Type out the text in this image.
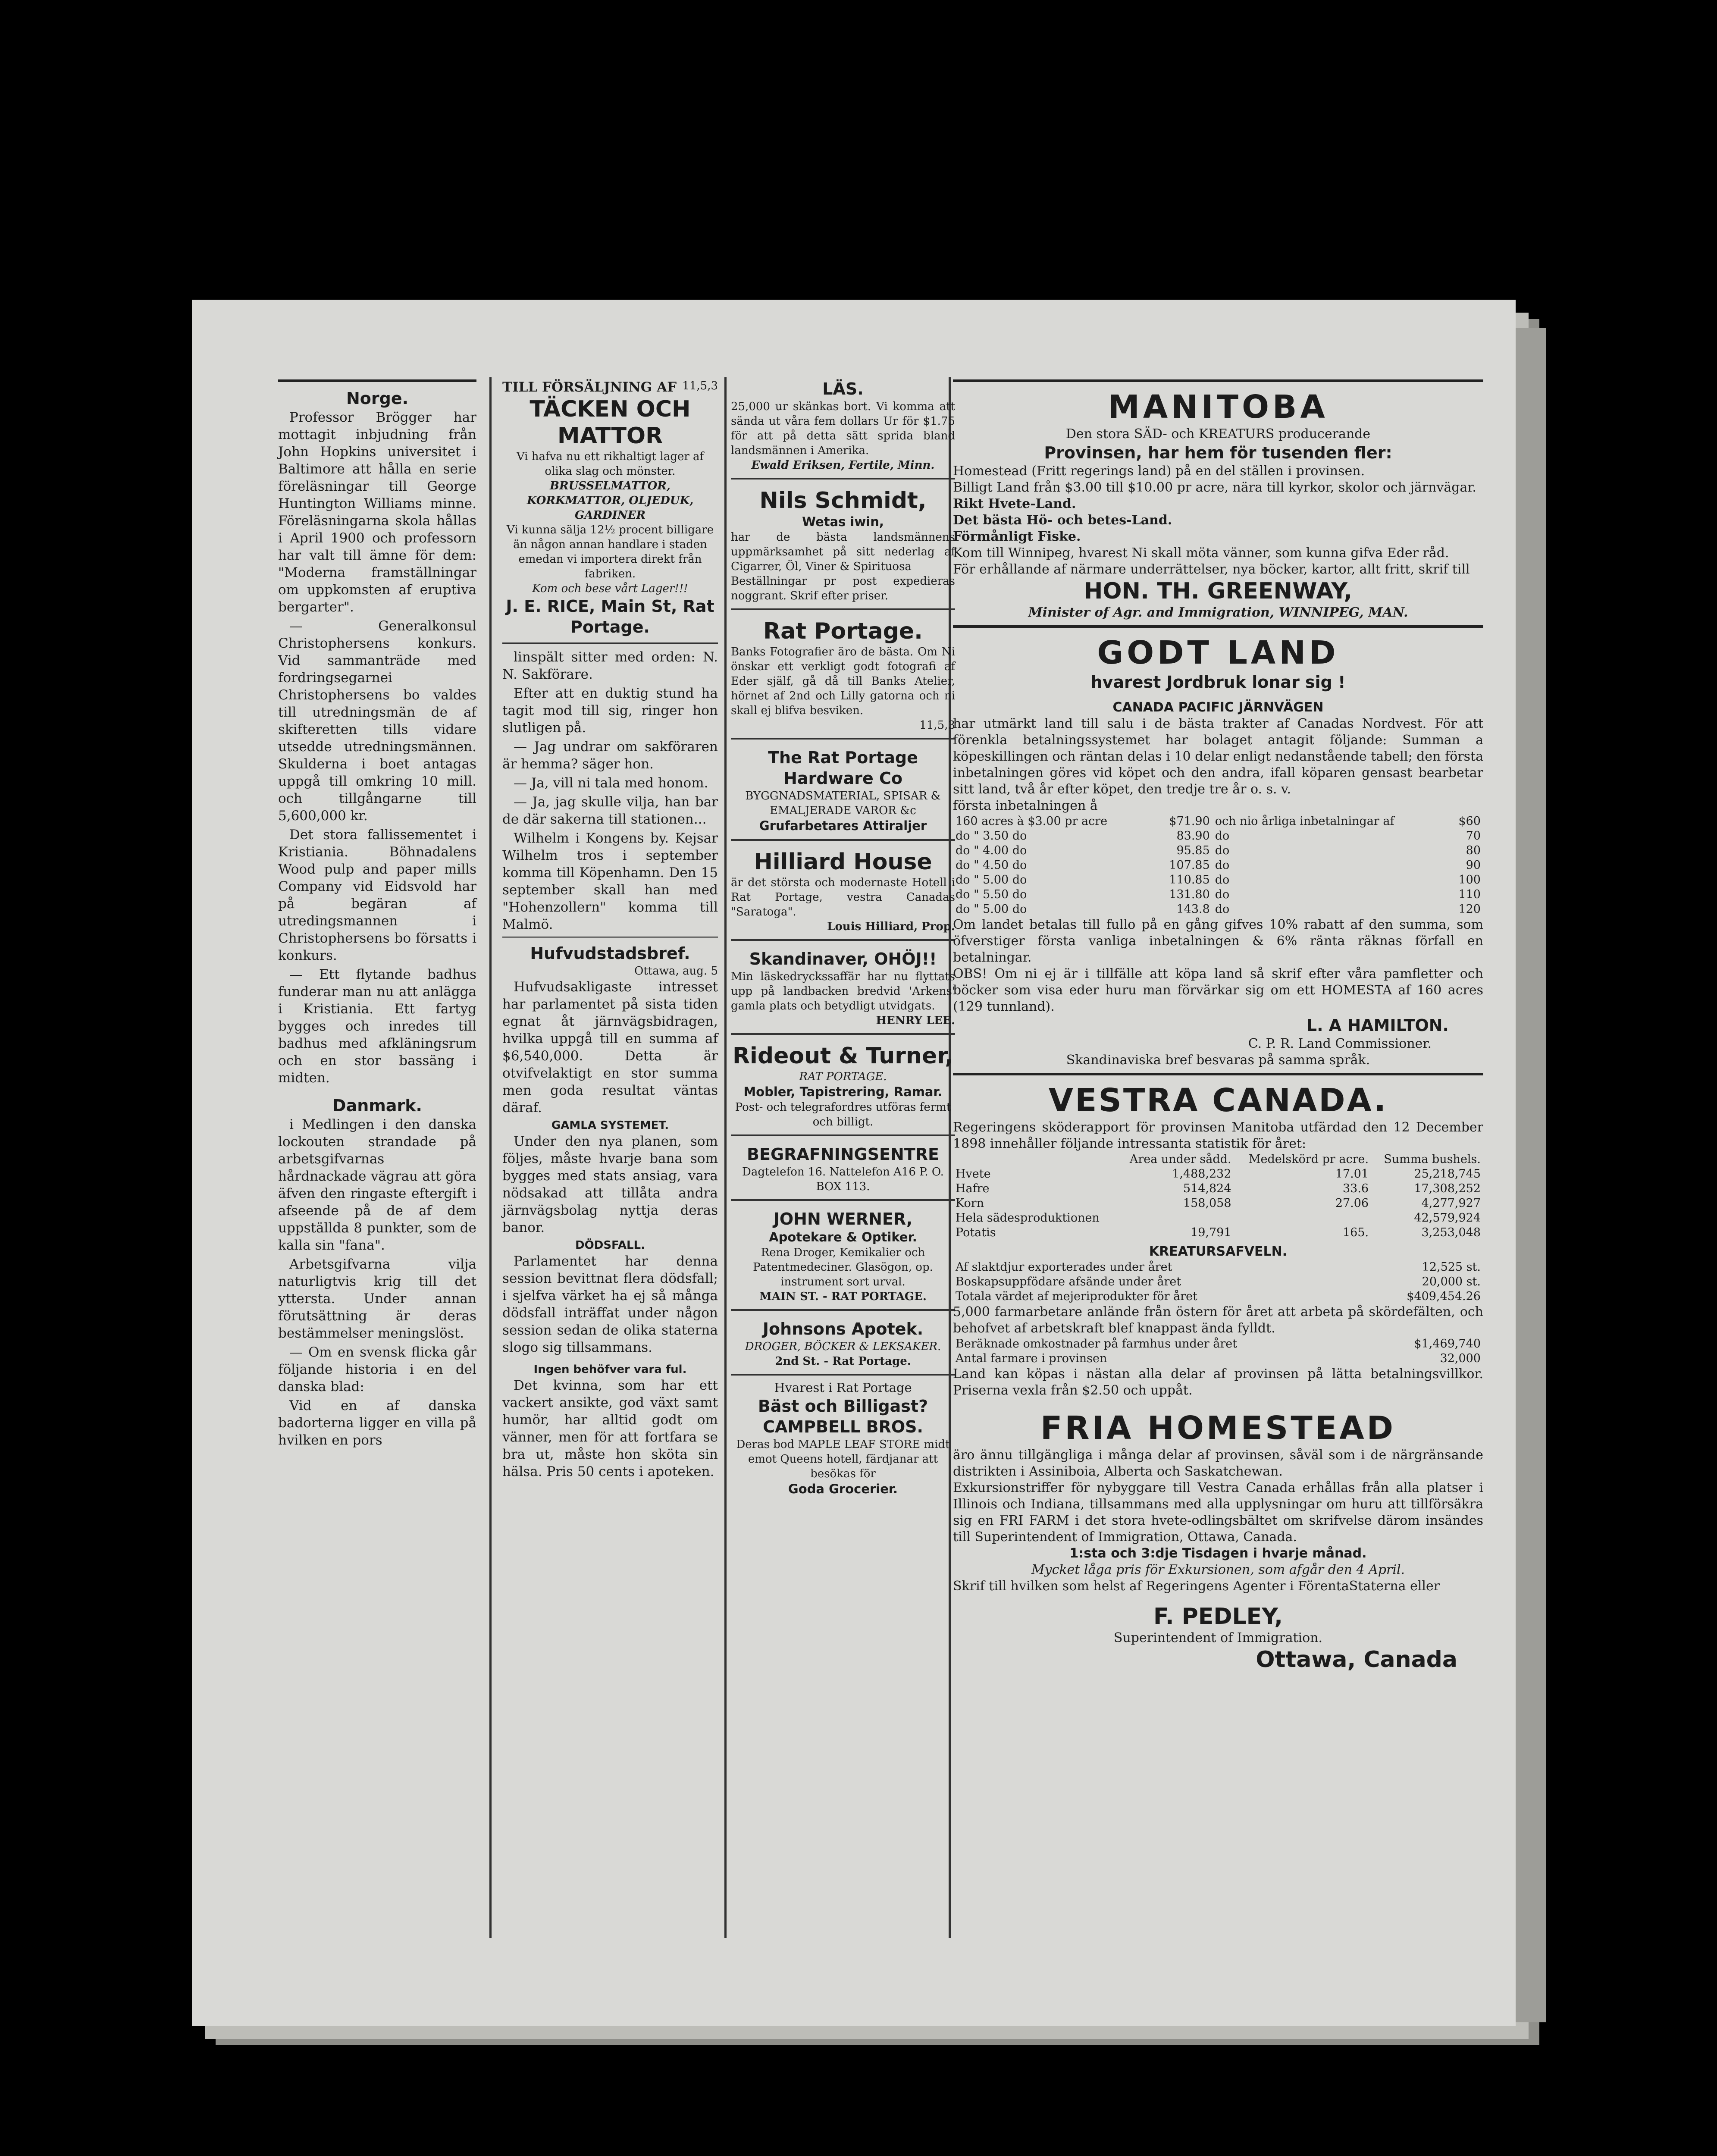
Norge.

Professor Brögger har mottagit inbjudning från John Hopkins universitet i Baltimore att hålla en serie föreläsningar till George Huntington Williams minne. Föreläsningarna skola hållas i April 1900 och professorn har valt till ämne för dem: "Moderna framställningar om uppkomsten af eruptiva bergarter".

— Generalkonsul Christophersens konkurs. Vid sammanträde med fordringsegarnei Christophersens bo valdes till utredningsmän de af skifteretten tills vidare utsedde utredningsmännen. Skulderna i boet antagas uppgå till omkring 10 mill. och tillgångarne till 5,600,000 kr.

Det stora fallissementet i Kristiania. Böhnadalens Wood pulp and paper mills Company vid Eidsvold har på begäran af utredingsmannen i Christophersens bo försatts i konkurs.

— Ett flytande badhus funderar man nu att anlägga i Kristiania. Ett fartyg bygges och inredes till badhus med afkläningsrum och en stor bassäng i midten.

Danmark.

i Medlingen i den danska lockouten strandade på arbetsgifvarnas hårdnackade vägrau att göra äfven den ringaste eftergift i afseende på de af dem uppställda 8 punkter, som de kalla sin "fana".

Arbetsgifvarna vilja naturligtvis krig till det yttersta. Under annan förutsättning är deras bestämmelser meningslöst.

— Om en svensk flicka går följande historia i en del danska blad:

Vid en af danska badorterna ligger en villa på hvilken en pors

TILL FÖRSÄLJNING AF 11,5,3
TÄCKEN OCH MATTOR
Vi hafva nu ett rikhaltigt lager af olika slag och mönster.
BRUSSELMATTOR, KORKMATTOR, OLJEDUK, GARDINER
Vi kunna sälja 12½ procent billigare än någon annan handlare i staden emedan vi importera direkt från fabriken.
Kom och bese vårt Lager!!!
J. E. RICE, Main St, Rat Portage.

linspält sitter med orden: N. N. Sakförare.

Efter att en duktig stund ha tagit mod till sig, ringer hon slutligen på.

— Jag undrar om sakföraren är hemma? säger hon.

— Ja, vill ni tala med honom.

— Ja, jag skulle vilja, han bar de där sakerna till stationen...

Wilhelm i Kongens by. Kejsar Wilhelm tros i september komma till Köpenhamn. Den 15 september skall han med "Hohenzollern" komma till Malmö.

Hufvudstadsbref.
Ottawa, aug. 5

Hufvudsakligaste intresset har parlamentet på sista tiden egnat åt järnvägsbidragen, hvilka uppgå till en summa af $6,540,000. Detta är otvifvelaktigt en stor summa men goda resultat väntas däraf.

GAMLA SYSTEMET.

Under den nya planen, som följes, måste hvarje bana som bygges med stats ansiag, vara nödsakad att tillåta andra järnvägsbolag nyttja deras banor.

DÖDSFALL.

Parlamentet har denna session bevittnat flera dödsfall; i sjelfva värket ha ej så många dödsfall inträffat under någon session sedan de olika staterna slogo sig tillsammans.

Ingen behöfver vara ful.

Det kvinna, som har ett vackert ansikte, god växt samt humör, har alltid godt om vänner, men för att fortfara se bra ut, måste hon sköta sin hälsa. Pris 50 cents i apoteken.

LÄS.
25,000 ur skänkas bort. Vi komma att sända ut våra fem dollars Ur för $1.75 för att på detta sätt sprida bland landsmännen i Amerika.
Ewald Eriksen, Fertile, Minn.
Nils Schmidt,
Wetas iwin,
har de bästa landsmännens uppmärksamhet på sitt nederlag af Cigarrer, Öl, Viner & Spirituosa
Beställningar pr post expedieras noggrant. Skrif efter priser.
Rat Portage.
Banks Fotografier äro de bästa. Om Ni önskar ett verkligt godt fotografi af Eder själf, gå då till Banks Atelier, hörnet af 2nd och Lilly gatorna och ni skall ej blifva besviken.
11,5,3
The Rat Portage Hardware Co
BYGGNADSMATERIAL, SPISAR & EMALJERADE VAROR &c
Grufarbetares Attiraljer
Hilliard House
är det största och modernaste Hotell i Rat Portage, vestra Canadas "Saratoga".
Louis Hilliard, Prop.
Skandinaver, OHÖJ!!
Min läskedryckssaffär har nu flyttats upp på landbacken bredvid 'Arkens' gamla plats och betydligt utvidgats.
HENRY LEE.
Rideout & Turner,
RAT PORTAGE.
Mobler, Tapistrering, Ramar.
Post- och telegrafordres utföras fermt och billigt.
BEGRAFNINGSENTRE
Dagtelefon 16. Nattelefon A16 P. O. BOX 113.
JOHN WERNER,
Apotekare & Optiker.
Rena Droger, Kemikalier och Patentmedeciner. Glasögon, op. instrument sort urval.
MAIN ST. - RAT PORTAGE.
Johnsons Apotek.
DROGER, BÖCKER & LEKSAKER.
2nd St. - Rat Portage.
Hvarest i Rat Portage
Bäst och Billigast?
CAMPBELL BROS.
Deras bod MAPLE LEAF STORE midt emot Queens hotell, färdjanar att besökas för
Goda Grocerier.
MANITOBA
Den stora SÄD- och KREATURS producerande
Provinsen, har hem för tusenden fler:
Homestead (Fritt regerings land) på en del ställen i provinsen.
Billigt Land från $3.00 till $10.00 pr acre, nära till kyrkor, skolor och järnvägar.
Rikt Hvete-Land.
Det bästa Hö- och betes-Land.
Förmånligt Fiske.
Kom till Winnipeg, hvarest Ni skall möta vänner, som kunna gifva Eder råd.
För erhållande af närmare underrättelser, nya böcker, kartor, allt fritt, skrif till
HON. TH. GREENWAY,
Minister of Agr. and Immigration, WINNIPEG, MAN.
GODT LAND
hvarest Jordbruk lonar sig !
CANADA PACIFIC JÄRNVÄGEN
har utmärkt land till salu i de bästa trakter af Canadas Nordvest. För att förenkla betalningssystemet har bolaget antagit följande: Summan a köpeskillingen och räntan delas i 10 delar enligt nedanstående tabell; den första inbetalningen göres vid köpet och den andra, ifall köparen gensast bearbetar sitt land, två år efter köpet, den tredje tre år o. s. v.
första inbetalningen å
160 acres à $3.00 pr acre	$71.90	och nio årliga inbetalningar af	$60
do " 3.50 do	83.90	do	70
do " 4.00 do	95.85	do	80
do " 4.50 do	107.85	do	90
do " 5.00 do	110.85	do	100
do " 5.50 do	131.80	do	110
do " 5.00 do	143.8	do	120
Om landet betalas till fullo på en gång gifves 10% rabatt af den summa, som öfverstiger första vanliga inbetalningen & 6% ränta räknas förfall en betalningar.
OBS! Om ni ej är i tillfälle att köpa land så skrif efter våra pamfletter och böcker som visa eder huru man förvärkar sig om ett HOMESTA af 160 acres (129 tunnland).
L. A HAMILTON.
C. P. R. Land Commissioner.
Skandinaviska bref besvaras på samma språk.
VESTRA CANADA.
Regeringens sköderapport för provinsen Manitoba utfärdad den 12 December 1898 innehåller följande intressanta statistik för året:
	Area under sådd.	Medelskörd pr acre.	Summa bushels.
Hvete	1,488,232	17.01	25,218,745
Hafre	514,824	33.6	17,308,252
Korn	158,058	27.06	4,277,927
Hela sädesproduktionen			42,579,924
Potatis	19,791	165.	3,253,048
KREATURSAFVELN.
Af slaktdjur exporterades under året	12,525 st.
Boskapsuppfödare afsände under året	20,000 st.
Totala värdet af mejeriprodukter för året	$409,454.26
5,000 farmarbetare anlände från östern för året att arbeta på skördefälten, och behofvet af arbetskraft blef knappast ända fylldt.
Beräknade omkostnader på farmhus under året	$1,469,740
Antal farmare i provinsen	32,000
Land kan köpas i nästan alla delar af provinsen på lätta betalningsvillkor. Priserna vexla från $2.50 och uppåt.
FRIA HOMESTEAD
äro ännu tillgängliga i många delar af provinsen, såväl som i de närgränsande distrikten i Assiniboia, Alberta och Saskatchewan.
Exkursionstriffer för nybyggare till Vestra Canada erhållas från alla platser i Illinois och Indiana, tillsammans med alla upplysningar om huru att tillförsäkra sig en FRI FARM i det stora hvete-odlingsbältet om skrifvelse därom insändes till Superintendent of Immigration, Ottawa, Canada.
1:sta och 3:dje Tisdagen i hvarje månad.
Mycket låga pris för Exkursionen, som afgår den 4 April.
Skrif till hvilken som helst af Regeringens Agenter i FörentaStaterna eller
F. PEDLEY,
Superintendent of Immigration.
Ottawa, Canada
